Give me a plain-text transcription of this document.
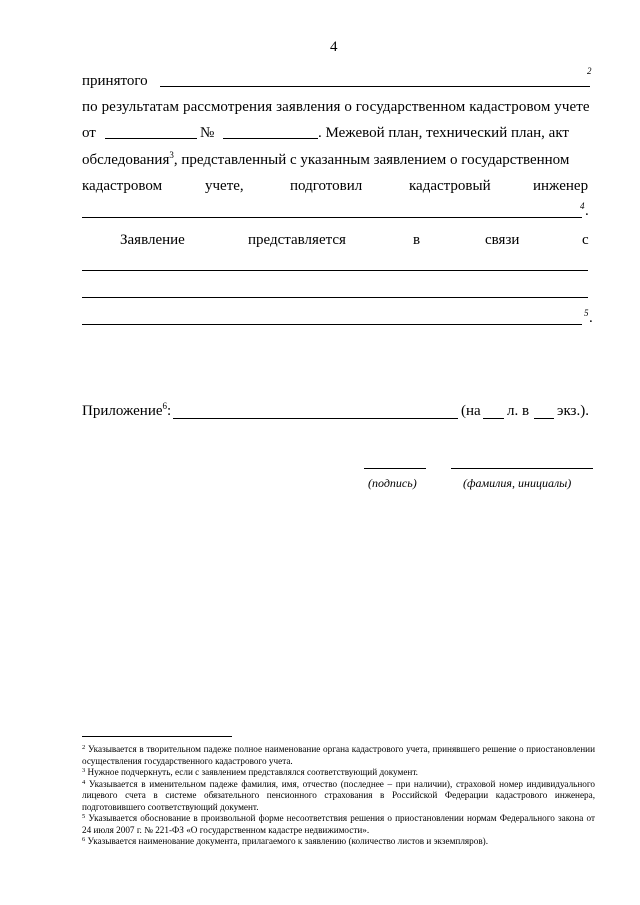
4
принятого
2
по результатам рассмотрения заявления о государственном кадастровом учете
от	№	. Межевой план, технический план, акт
обследования$^3$, представленный с указанным заявлением о государственном
кадастровом	учете,	подготовил	кадастровый	инженер
4 .
Заявление	представляется	в	связи	с
5 .
Приложение$^6$:	(на л. в экз.).
(подпись)	(фамилия, инициалы)
$^2$ Указывается в творительном падеже полное наименование органа кадастрового учета, принявшего решение о приостановлении осуществления государственного кадастрового учета.
$^3$ Нужное подчеркнуть, если с заявлением представлялся соответствующий документ.
$^4$ Указывается в именительном падеже фамилия, имя, отчество (последнее – при наличии), страховой номер индивидуального лицевого счета в системе обязательного пенсионного страхования в Российской Федерации кадастрового инженера, подготовившего соответствующий документ.
$^5$ Указывается обоснование в произвольной форме несоответствия решения о приостановлении нормам Федерального закона от 24 июля 2007 г. № 221-ФЗ «О государственном кадастре недвижимости».
$^6$ Указывается наименование документа, прилагаемого к заявлению (количество листов и экземпляров).
